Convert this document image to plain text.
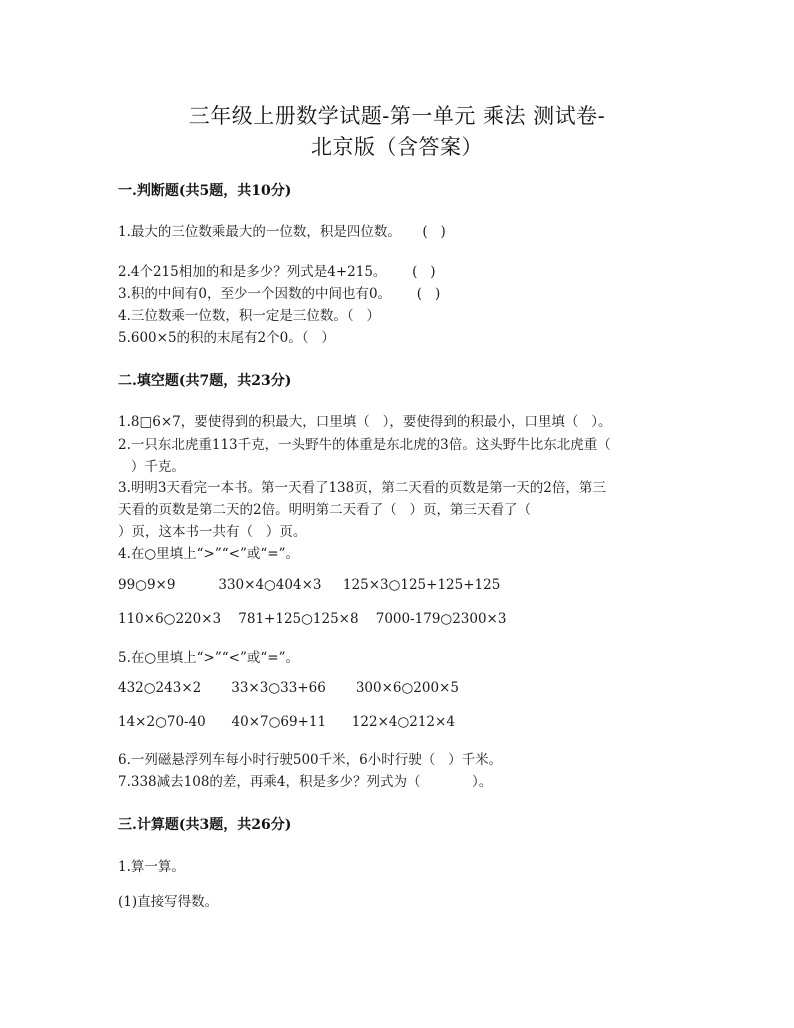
三年级上册数学试题-第一单元 乘法 测试卷-
北京版（含答案）
一.判断题(共5题，共10分)
1.最大的三位数乘最大的一位数，积是四位数。     (   )
2.4个215相加的和是多少？列式是4+215。      (   )
3.积的中间有0，至少一个因数的中间也有0。      (   )
4.三位数乘一位数，积一定是三位数。（   ）
5.600×5的积的末尾有2个0。（   ）
二.填空题(共7题，共23分)
1.8□6×7，要使得到的积最大，口里填（   ），要使得到的积最小，口里填（   ）。
2.一只东北虎重113千克，一头野牛的体重是东北虎的3倍。这头野牛比东北虎重（
）千克。
3.明明3天看完一本书。第一天看了138页，第二天看的页数是第一天的2倍，第三
天看的页数是第二天的2倍。明明第二天看了（   ）页，第三天看了（
）页，这本书一共有（   ）页。
4.在○里填上“>”“<”或“=”。
99○9×9          330×4○404×3     125×3○125+125+125
110×6○220×3    781+125○125×8    7000-179○2300×3
5.在○里填上“>”“<”或“=”。
432○243×2       33×3○33+66       300×6○200×5
14×2○70-40      40×7○69+11      122×4○212×4
6.一列磁悬浮列车每小时行驶500千米，6小时行驶（   ）千米。
7.338减去108的差，再乘4，积是多少？列式为（            ）。
三.计算题(共3题，共26分)
1.算一算。
(1)直接写得数。
